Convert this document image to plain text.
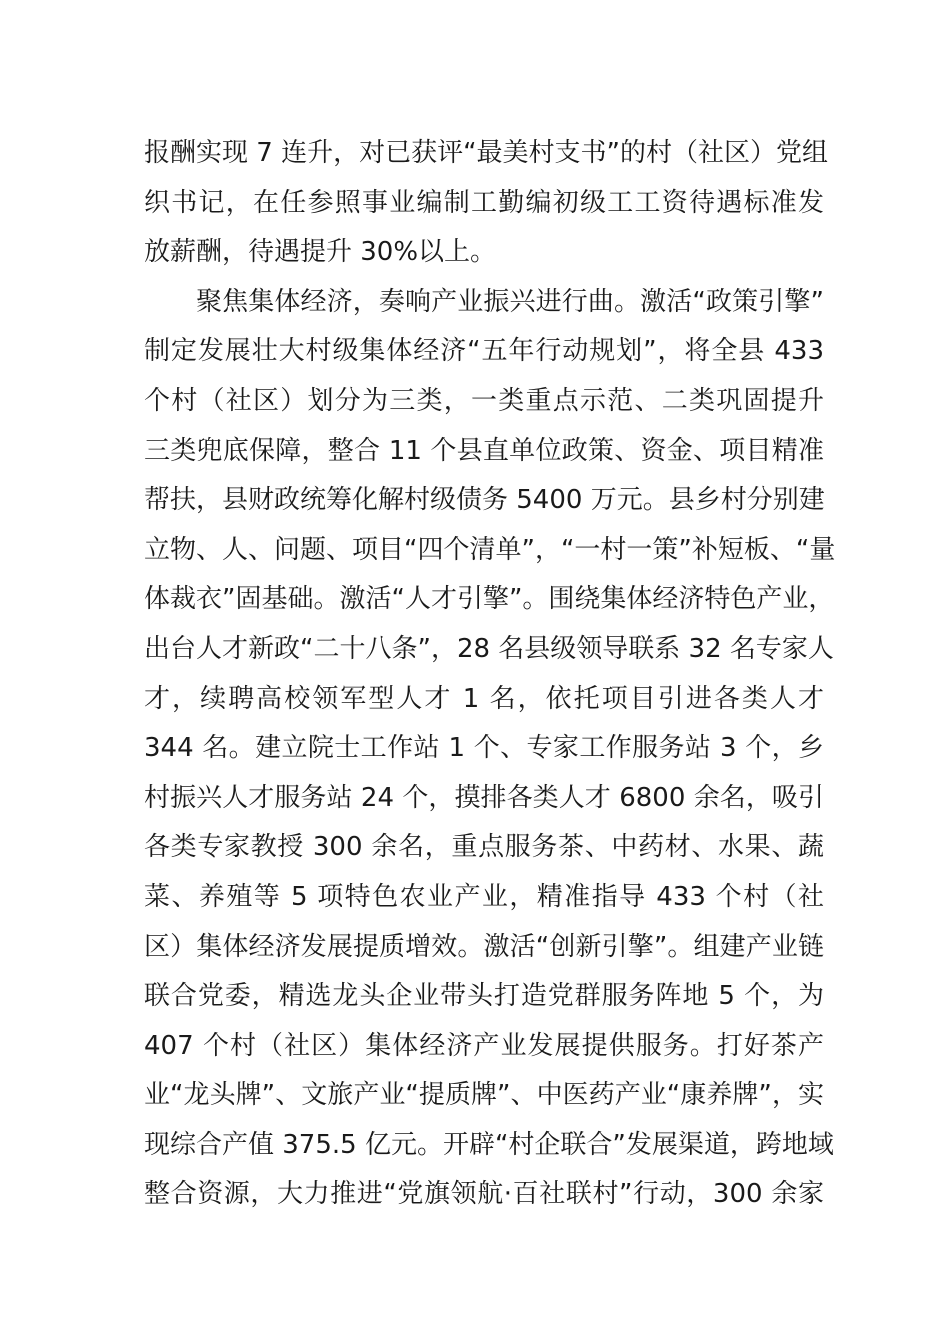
报酬实现 7 连升，对已获评“最美村支书”的村（社区）党组
织书记，在任参照事业编制工勤编初级工工资待遇标准发
放薪酬，待遇提升 30%以上。
聚焦集体经济，奏响产业振兴进行曲。激活“政策引擎”
制定发展壮大村级集体经济“五年行动规划”，将全县 433
个村（社区）划分为三类，一类重点示范、二类巩固提升
三类兜底保障，整合 11 个县直单位政策、资金、项目精准
帮扶，县财政统筹化解村级债务 5400 万元。县乡村分别建
立物、人、问题、项目“四个清单”，“一村一策”补短板、“量
体裁衣”固基础。激活“人才引擎”。围绕集体经济特色产业，
出台人才新政“二十八条”，28 名县级领导联系 32 名专家人
才，续聘高校领军型人才 1 名，依托项目引进各类人才
344 名。建立院士工作站 1 个、专家工作服务站 3 个，乡
村振兴人才服务站 24 个，摸排各类人才 6800 余名，吸引
各类专家教授 300 余名，重点服务茶、中药材、水果、蔬
菜、养殖等 5 项特色农业产业，精准指导 433 个村（社
区）集体经济发展提质增效。激活“创新引擎”。组建产业链
联合党委，精选龙头企业带头打造党群服务阵地 5 个，为
407 个村（社区）集体经济产业发展提供服务。打好茶产
业“龙头牌”、文旅产业“提质牌”、中医药产业“康养牌”，实
现综合产值 375.5 亿元。开辟“村企联合”发展渠道，跨地域
整合资源，大力推进“党旗领航·百社联村”行动，300 余家
